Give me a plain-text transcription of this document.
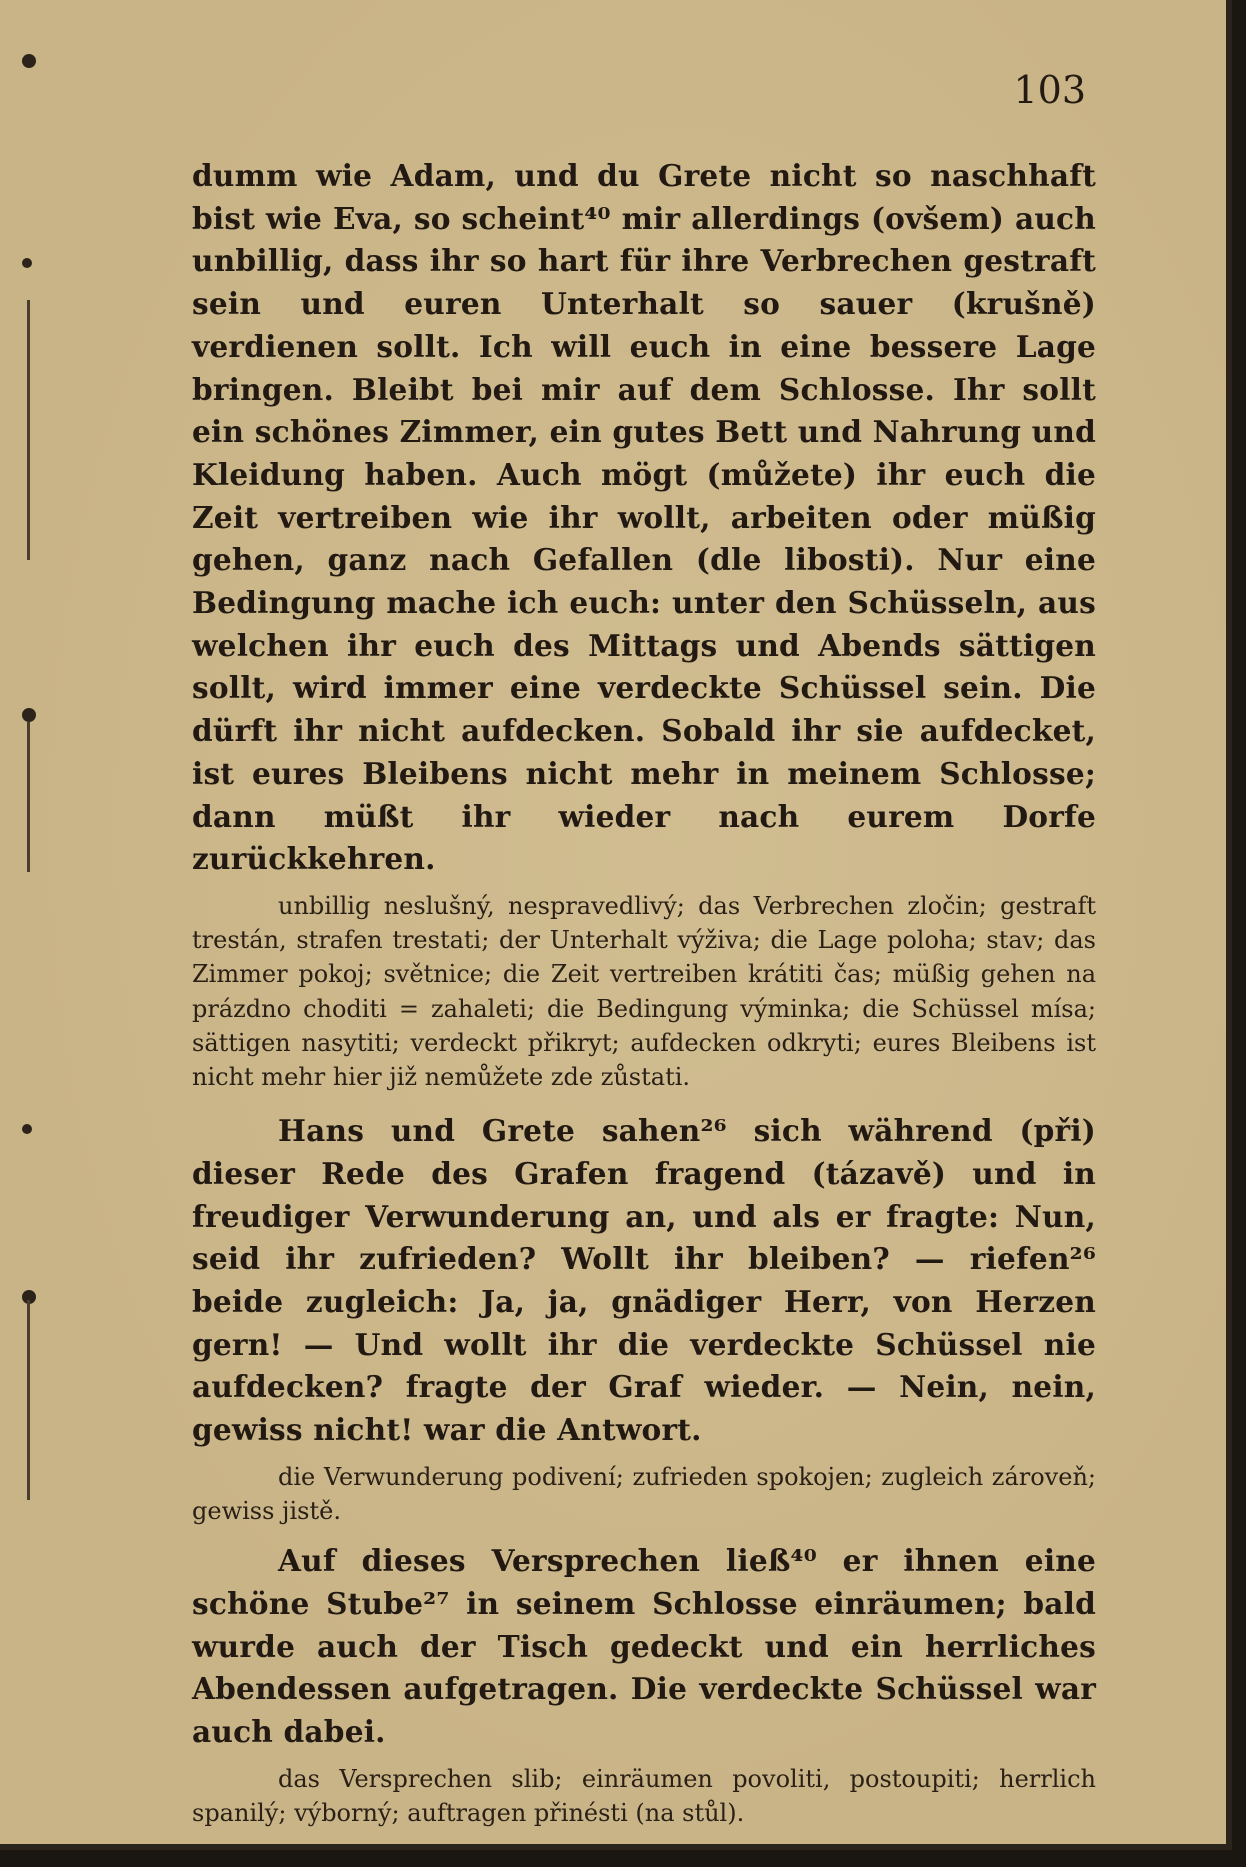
103

dumm wie Adam, und du Grete nicht so naschhaft bist wie Eva, so scheint⁴⁰ mir allerdings (ovšem) auch unbillig, dass ihr so hart für ihre Verbrechen gestraft sein und euren Unterhalt so sauer (krušně) verdienen sollt. Ich will euch in eine bessere Lage bringen. Bleibt bei mir auf dem Schlosse. Ihr sollt ein schönes Zimmer, ein gutes Bett und Nahrung und Kleidung haben. Auch mögt (můžete) ihr euch die Zeit vertreiben wie ihr wollt, arbeiten oder müßig gehen, ganz nach Gefallen (dle libosti). Nur eine Bedingung mache ich euch: unter den Schüsseln, aus welchen ihr euch des Mittags und Abends sättigen sollt, wird immer eine verdeckte Schüssel sein. Die dürft ihr nicht aufdecken. Sobald ihr sie aufdecket, ist eures Bleibens nicht mehr in meinem Schlosse; dann müßt ihr wieder nach eurem Dorfe zurückkehren.

unbillig neslušný, nespravedlivý; das Verbrechen zločin; gestraft trestán, strafen trestati; der Unterhalt výživa; die Lage poloha; stav; das Zimmer pokoj; světnice; die Zeit vertreiben krátiti čas; müßig gehen na prázdno choditi = zahaleti; die Bedingung výminka; die Schüssel mísa; sättigen nasytiti; verdeckt přikryt; aufdecken odkryti; eures Bleibens ist nicht mehr hier již nemůžete zde zůstati.

Hans und Grete sahen²⁶ sich während (při) dieser Rede des Grafen fragend (tázavě) und in freudiger Verwunderung an, und als er fragte: Nun, seid ihr zufrieden? Wollt ihr bleiben? — riefen²⁶ beide zugleich: Ja, ja, gnädiger Herr, von Herzen gern! — Und wollt ihr die verdeckte Schüssel nie aufdecken? fragte der Graf wieder. — Nein, nein, gewiss nicht! war die Antwort.

die Verwunderung podivení; zufrieden spokojen; zugleich zároveň; gewiss jistě.

Auf dieses Versprechen ließ⁴⁰ er ihnen eine schöne Stube²⁷ in seinem Schlosse einräumen; bald wurde auch der Tisch gedeckt und ein herrliches Abendessen aufgetragen. Die verdeckte Schüssel war auch dabei.

das Versprechen slib; einräumen povoliti, postoupiti; herrlich spanilý; výborný; auftragen přinésti (na stůl).
